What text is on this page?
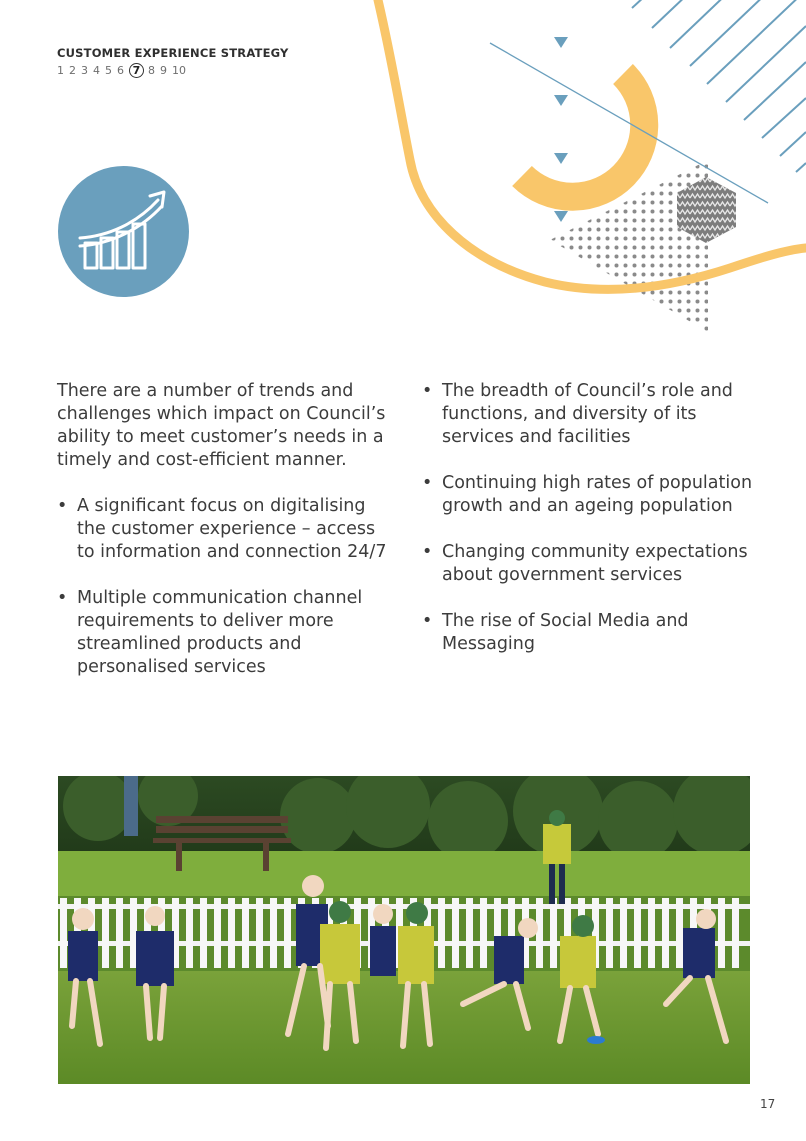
CUSTOMER EXPERIENCE STRATEGY
1 2 3 4 5 6 7 8 9 10

There are a number of trends and challenges which impact on Council’s ability to meet customer’s needs in a timely and cost-efficient manner.

• A significant focus on digitalising the customer experience – access to information and connection 24/7
• Multiple communication channel requirements to deliver more streamlined products and personalised services
• The breadth of Council’s role and functions, and diversity of its services and facilities
• Continuing high rates of population growth and an ageing population
• Changing community expectations about government services
• The rise of Social Media and Messaging
17
